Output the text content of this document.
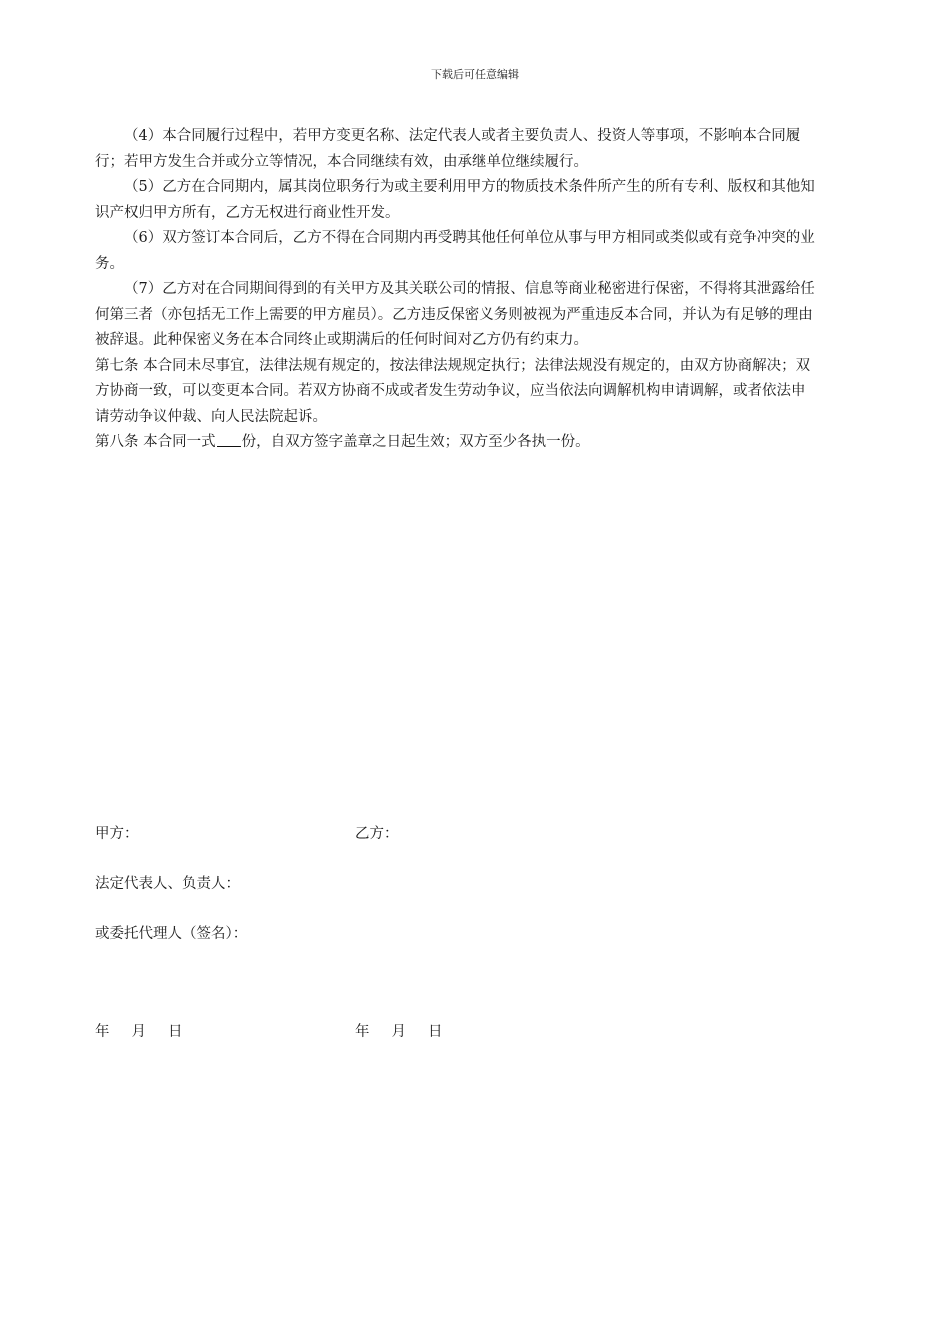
下载后可任意编辑

（4）本合同履行过程中，若甲方变更名称、法定代表人或者主要负责人、投资人等事项，不影响本合同履行；若甲方发生合并或分立等情况，本合同继续有效，由承继单位继续履行。

（5）乙方在合同期内，属其岗位职务行为或主要利用甲方的物质技术条件所产生的所有专利、版权和其他知识产权归甲方所有，乙方无权进行商业性开发。

（6）双方签订本合同后，乙方不得在合同期内再受聘其他任何单位从事与甲方相同或类似或有竞争冲突的业务。

（7）乙方对在合同期间得到的有关甲方及其关联公司的情报、信息等商业秘密进行保密，不得将其泄露给任何第三者（亦包括无工作上需要的甲方雇员）。乙方违反保密义务则被视为严重违反本合同，并认为有足够的理由被辞退。此种保密义务在本合同终止或期满后的任何时间对乙方仍有约束力。

第七条 本合同未尽事宜，法律法规有规定的，按法律法规规定执行；法律法规没有规定的，由双方协商解决；双方协商一致，可以变更本合同。若双方协商不成或者发生劳动争议，应当依法向调解机构申请调解，或者依法申请劳动争议仲裁、向人民法院起诉。

第八条 本合同一式 份，自双方签字盖章之日起生效；双方至少各执一份。

甲方：	乙方：
法定代表人、负责人：
或委托代理人（签名）：
年 月 日	年 月 日
